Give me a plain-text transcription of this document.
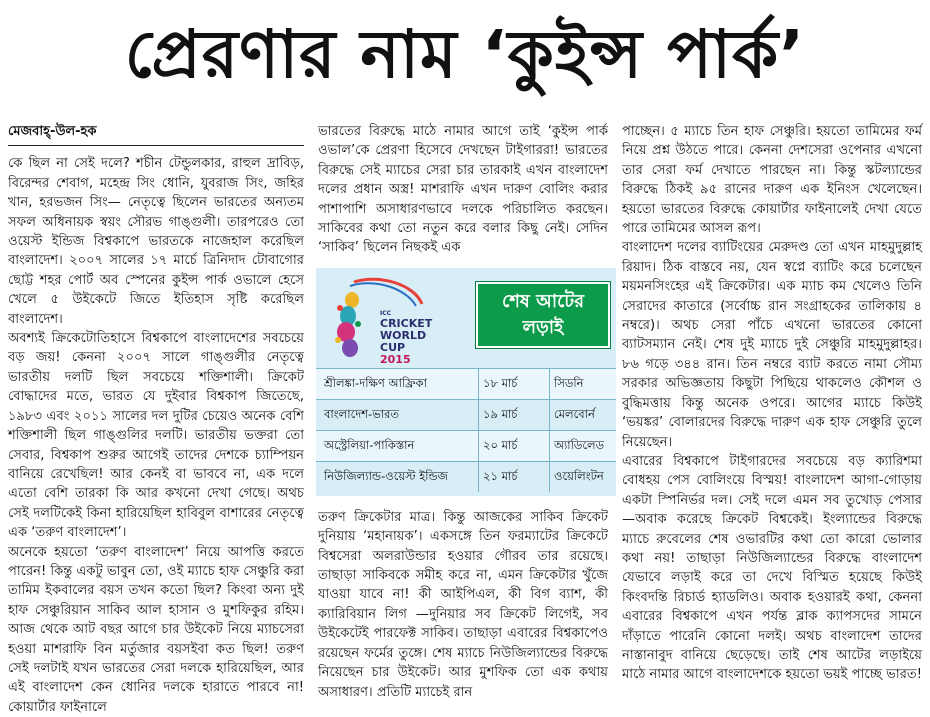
প্রেরণার নাম ‘কুইন্স পার্ক’
মেজবাহ্-উল-হক

কে ছিল না সেই দলে? শচীন টেন্ডুলকার, রাহুল দ্রাবিড়, বিরেন্দর শেবাগ, মহেন্দ্র সিং ধোনি, যুবরাজ সিং, জহির খান, হরভজন সিং— নেতৃত্বে ছিলেন ভারতের অন্যতম সফল অধিনায়ক স্বয়ং সৌরভ গাঙ্গুলী। তারপরেও তো ওয়েস্ট ইন্ডিজ বিশ্বকাপে ভারতকে নাজেহাল করেছিল বাংলাদেশ। ২০০৭ সালের ১৭ মার্চে ত্রিনিদাদ টোবাগোর ছোট্ট শহর পোর্ট অব স্পেনের কুইন্স পার্ক ওভালে হেসে খেলে ৫ উইকেটে জিতে ইতিহাস সৃষ্টি করেছিল বাংলাদেশ।

অবশ্যই ক্রিকেটোতিহাসে বিশ্বকাপে বাংলাদেশের সবচেয়ে বড় জয়! কেননা ২০০৭ সালে গাঙ্গুলীর নেতৃত্বে ভারতীয় দলটি ছিল সবচেয়ে শক্তিশালী। ক্রিকেট বোদ্ধাদের মতে, ভারত যে দুইবার বিশ্বকাপ জিতেছে, ১৯৮৩ এবং ২০১১ সালের দল দুটির চেয়েও অনেক বেশি শক্তিশালী ছিল গাঙ্গুলির দলটি। ভারতীয় ভক্তরা তো সেবার, বিশ্বকাপ শুরুর আগেই তাদের দেশকে চ্যাম্পিয়ন বানিয়ে রেখেছিল! আর কেনই বা ভাববে না, এক দলে এতো বেশি তারকা কি আর কখনো দেখা গেছে। অথচ সেই দলটিকেই কিনা হারিয়েছিল হাবিবুল বাশারের নেতৃত্বে এক ‘তরুণ বাংলাদেশ’।

অনেকে হয়তো ‘তরুণ বাংলাদেশ’ নিয়ে আপত্তি করতে পারেন! কিন্তু একটু ভাবুন তো, ওই ম্যাচে হাফ সেঞ্চুরি করা তামিম ইকবালের বয়স তখন কতো ছিল? কিংবা অন্য দুই হাফ সেঞ্চুরিয়ান সাকিব আল হাসান ও মুশফিকুর রহিম। আজ থেকে আট বছর আগে চার উইকেট নিয়ে ম্যাচসেরা হওয়া মাশরাফি বিন মর্তুজার বয়সইবা কত ছিল! তরুণ সেই দলটাই যখন ভারতের সেরা দলকে হারিয়েছিল, আর এই বাংলাদেশ কেন ধোনির দলকে হারাতে পারবে না! কোয়ার্টার ফাইনালে

ভারতের বিরুদ্ধে মাঠে নামার আগে তাই ‘কুইন্স পার্ক ওভাল’কে প্রেরণা হিসেবে দেখছেন টাইগাররা! ভারতের বিরুদ্ধে সেই ম্যাচের সেরা চার তারকাই এখন বাংলাদেশ দলের প্রধান অস্ত্র! মাশরাফি এখন দারুণ বোলিং করার পাশাপাশি অসাধারণভাবে দলকে পরিচালিত করছেন। সাকিবের কথা তো নতুন করে বলার কিছু নেই। সেদিন ‘সাকিব’ ছিলেন নিছকই এক

তরুণ ক্রিকেটার মাত্র। কিন্তু আজকের সাকিব ক্রিকেট দুনিয়ায় ‘মহানায়ক’। একসঙ্গে তিন ফরম্যাটের ক্রিকেটে বিশ্বসেরা অলরাউন্ডার হওয়ার গৌরব তার রয়েছে। তাছাড়া সাকিবকে সমীহ করে না, এমন ক্রিকেটার খুঁজে যাওয়া যাবে না! কী আইপিএল, কী বিগ ব্যাশ, কী ক্যারিবিয়ান লিগ —দুনিয়ার সব ক্রিকেট লিগেই, সব উইকেটেই পারফেক্ট সাকিব। তাছাড়া এবারের বিশ্বকাপেও রয়েছেন ফর্মের তুঙ্গে। শেষ ম্যাচে নিউজিল্যান্ডের বিরুদ্ধে নিয়েছেন চার উইকেট। আর মুশফিক তো এক কথায় অসাধারণ। প্রতিটি ম্যাচেই রান

ICC
CRICKET
WORLD
CUP
2015
শেষ আটের
লড়াই
শ্রীলঙ্কা-দক্ষিণ আফ্রিকা	১৮ মার্চ	সিডনি
বাংলাদেশ-ভারত	১৯ মার্চ	মেলবোর্ন
অস্ট্রেলিয়া-পাকিস্তান	২০ মার্চ	অ্যাডিলেড
নিউজিল্যান্ড-ওয়েস্ট ইন্ডিজ	২১ মার্চ	ওয়েলিংটন

পাচ্ছেন। ৫ ম্যাচে তিন হাফ সেঞ্চুরি। হয়তো তামিমের ফর্ম নিয়ে প্রশ্ন উঠতে পারে। কেননা দেশসেরা ওপেনার এখনো তার সেরা ফর্ম দেখাতে পারছেন না। কিন্তু স্কটল্যান্ডের বিরুদ্ধে ঠিকই ৯৫ রানের দারুণ এক ইনিংস খেলেছেন। হয়তো ভারতের বিরুদ্ধে কোয়ার্টার ফাইনালেই দেখা যেতে পারে তামিমের আসল রূপ।

বাংলাদেশ দলের ব্যাটিংয়ের মেরুদণ্ড তো এখন মাহমুদুল্লাহ রিয়াদ। ঠিক বাস্তবে নয়, যেন স্বপ্নে ব্যাটিং করে চলেছেন ময়মনসিংহের এই ক্রিকেটার। এক ম্যাচ কম খেলেও তিনি সেরাদের কাতারে (সর্বোচ্চ রান সংগ্রাহকের তালিকায় ৪ নম্বরে)। অথচ সেরা পাঁচে এখনো ভারতের কোনো ব্যাটসম্যান নেই। শেষ দুই ম্যাচে দুই সেঞ্চুরি মাহমুদুল্লাহর। ৮৬ গড়ে ৩৪৪ রান। তিন নম্বরে ব্যাট করতে নামা সৌম্য সরকার অভিজ্ঞতায় কিছুটা পিছিয়ে থাকলেও কৌশল ও বুদ্ধিমত্তায় কিন্তু অনেক ওপরে। আগের ম্যাচে কিউই ‘ভয়ঙ্কর’ বোলারদের বিরুদ্ধে দারুণ এক হাফ সেঞ্চুরি তুলে নিয়েছেন।

এবারের বিশ্বকাপে টাইগারদের সবচেয়ে বড় ক্যারিশমা বোধহয় পেস বোলিংয়ে বিস্ময়! বাংলাদেশ আগা-গোড়ায় একটা স্পিনির্ভর দল। সেই দলে এমন সব তুখোড় পেসার —অবাক করেছে ক্রিকেট বিশ্বকেই। ইংল্যান্ডের বিরুদ্ধে ম্যাচে রুবেলের শেষ ওভারটির কথা তো কারো ভোলার কথা নয়! তাছাড়া নিউজিল্যান্ডের বিরুদ্ধে বাংলাদেশ যেভাবে লড়াই করে তা দেখে বিস্মিত হয়েছে কিউই কিংবদন্তি রিচার্ড হ্যাডলিও। অবাক হওয়ারই কথা, কেননা এবারের বিশ্বকাপে এখন পর্যন্ত ব্লাক ক্যাপসদের সামনে দাঁড়াতে পারেনি কোনো দলই। অথচ বাংলাদেশ তাদের নাস্তানাবুদ বানিয়ে ছেড়েছে। তাই শেষ আটের লড়াইয়ে মাঠে নামার আগে বাংলাদেশকে হয়তো ভয়ই পাচ্ছে ভারত!
